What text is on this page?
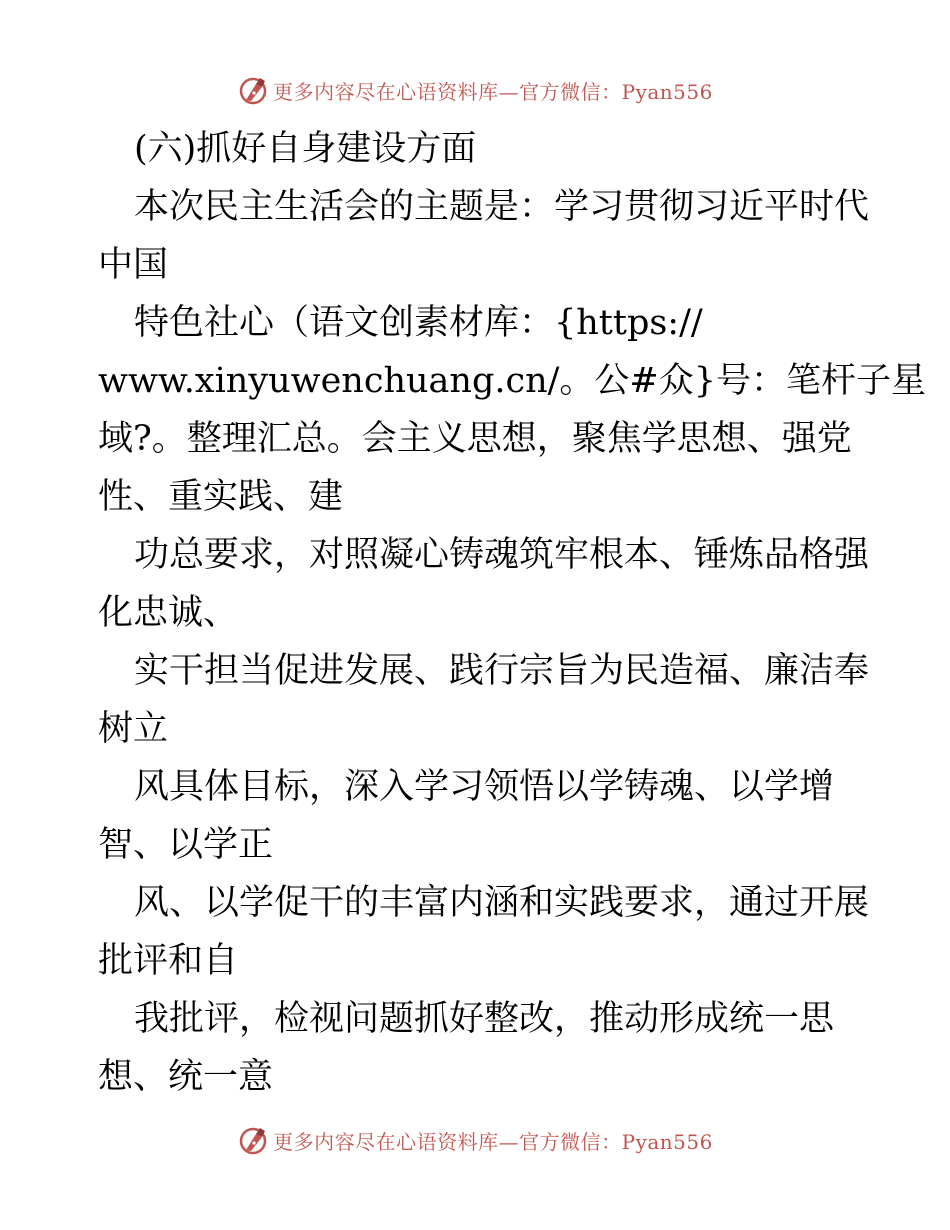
更多内容尽在心语资料库—官方微信：Pyan556
(六)抓好自身建设方面
本次民主生活会的主题是：学习贯彻习近平时代
中国
特色社心（语文创素材库：{https://
www.xinyuwenchuang.cn/。公#众}号：笔杆子星
域?。整理汇总。会主义思想，聚焦学思想、强党
性、重实践、建
功总要求，对照凝心铸魂筑牢根本、锤炼品格强
化忠诚、
实干担当促进发展、践行宗旨为民造福、廉洁奉
树立
风具体目标，深入学习领悟以学铸魂、以学增
智、以学正
风、以学促干的丰富内涵和实践要求，通过开展
批评和自
我批评，检视问题抓好整改，推动形成统一思
想、统一意
更多内容尽在心语资料库—官方微信：Pyan556
